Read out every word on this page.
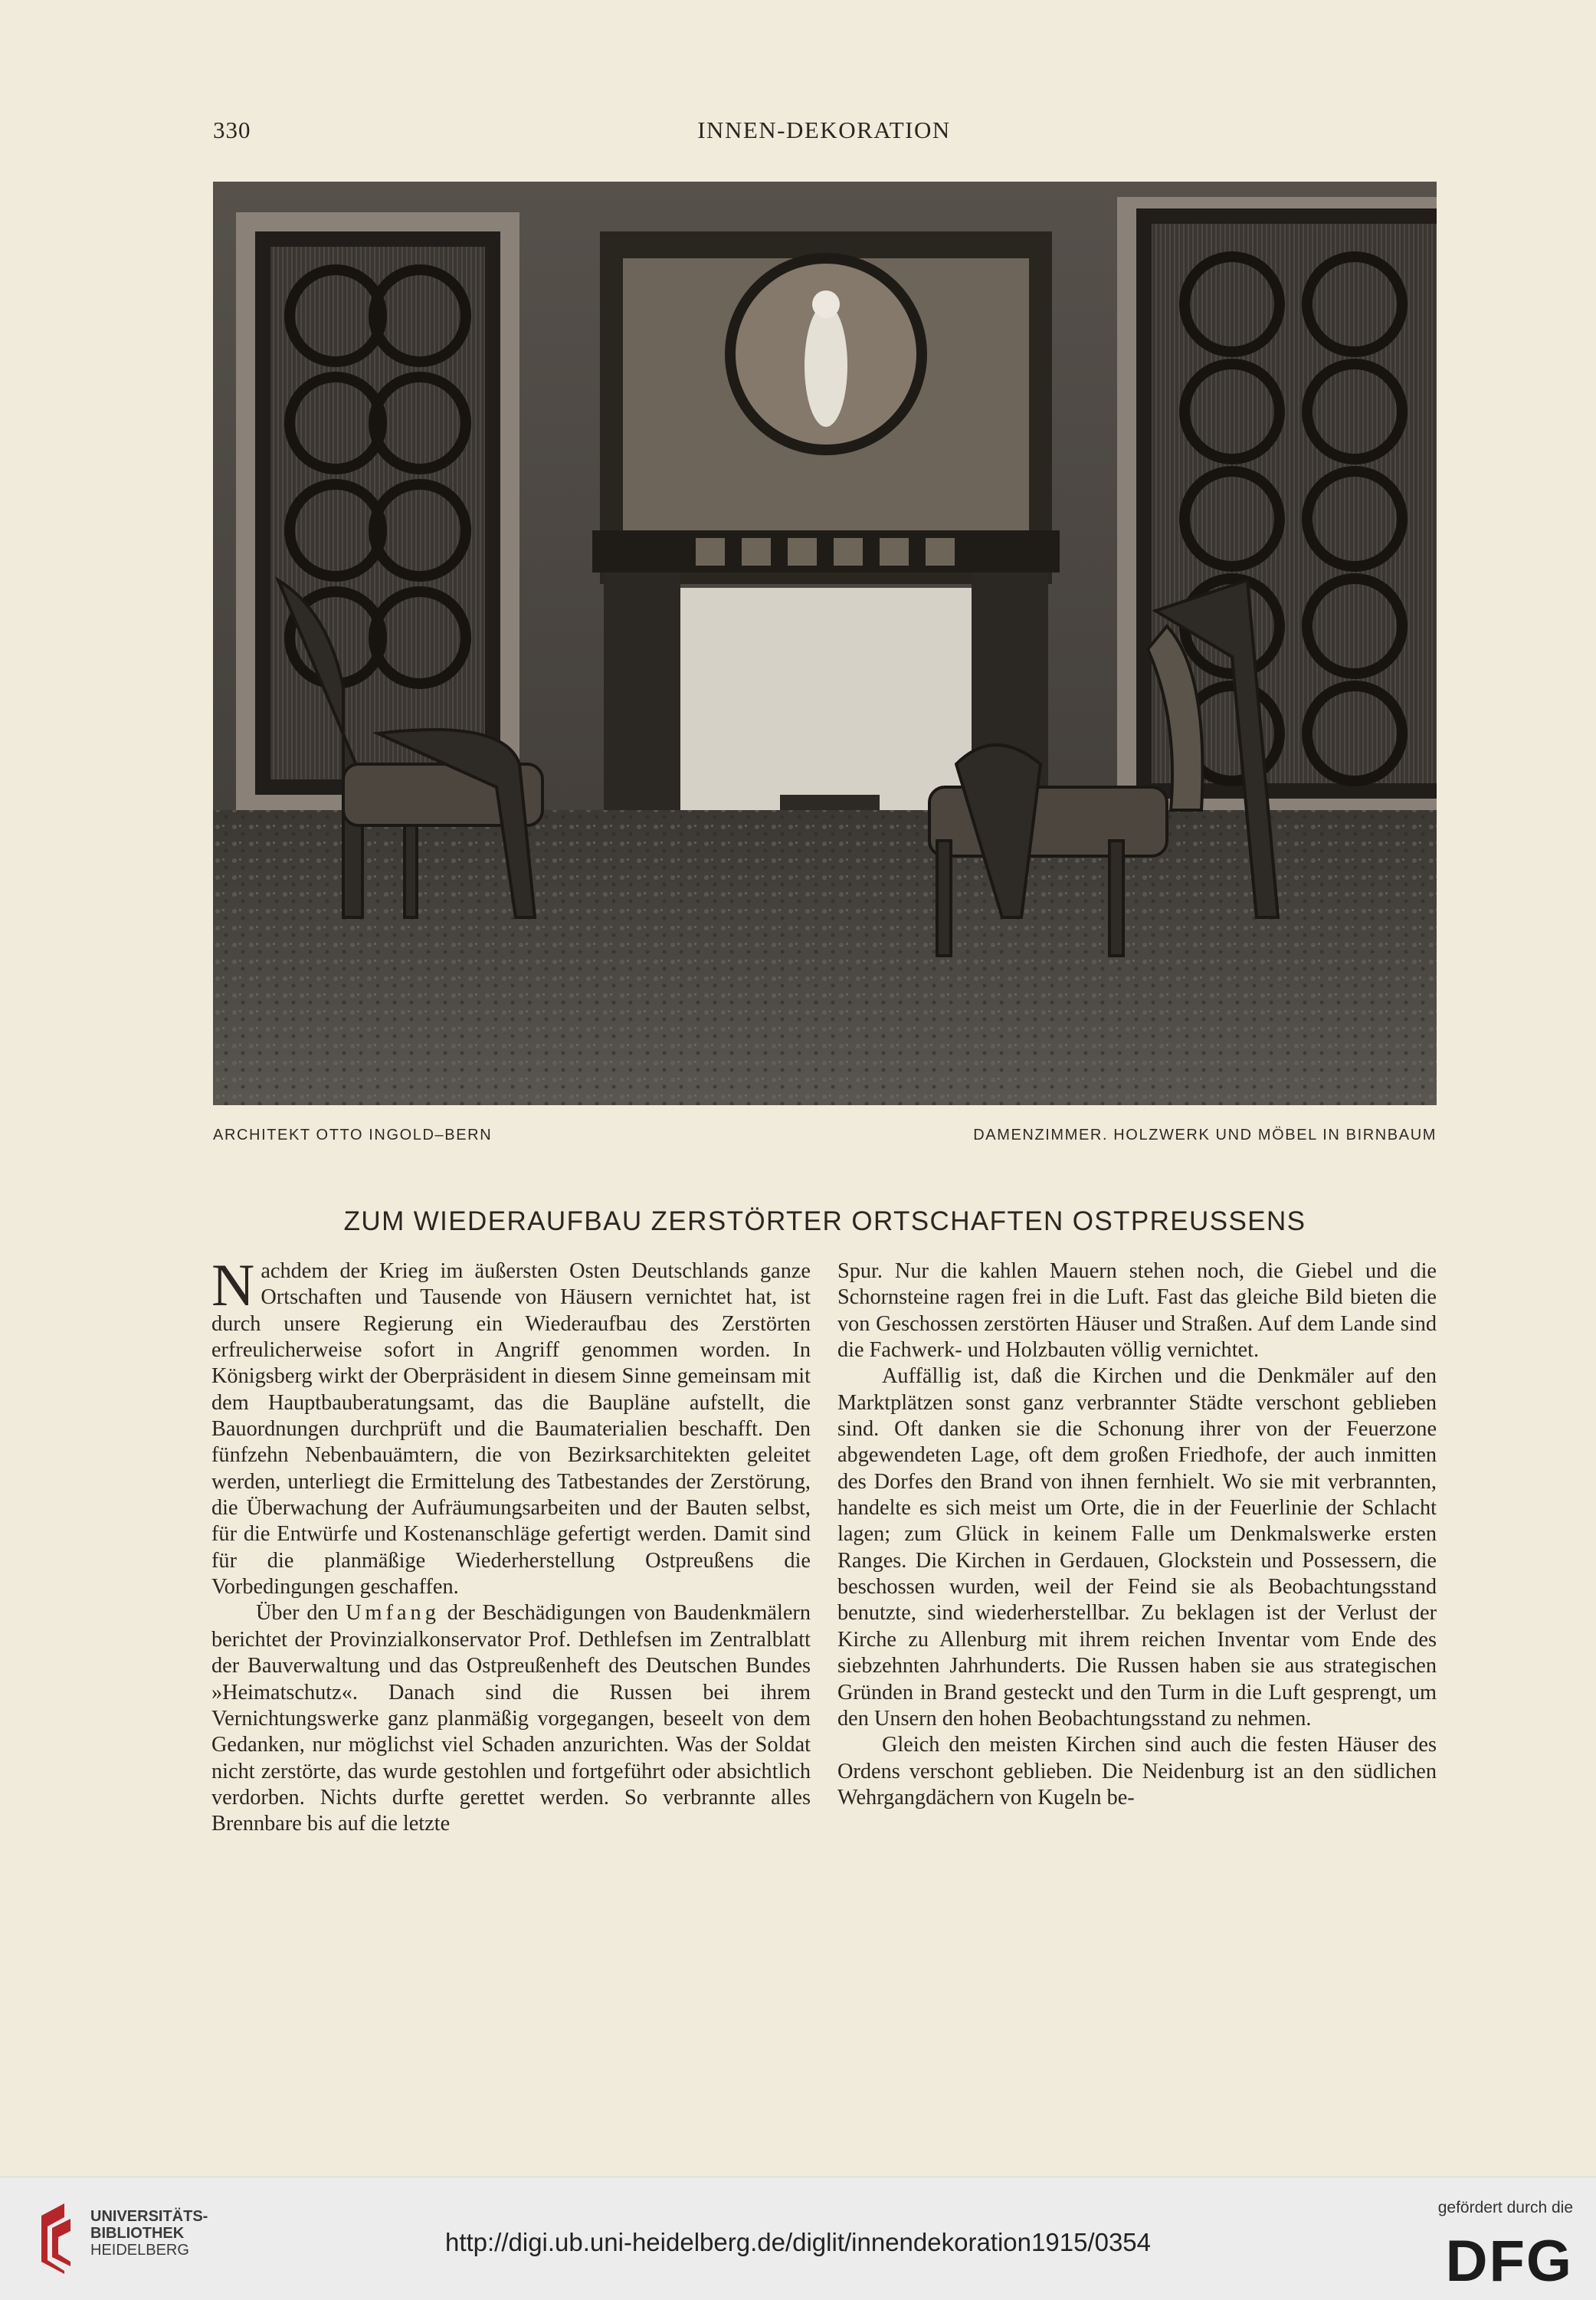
330	INNEN-DEKORATION
ARCHITEKT OTTO INGOLD–BERN	DAMENZIMMER. HOLZWERK UND MÖBEL IN BIRNBAUM
ZUM WIEDERAUFBAU ZERSTÖRTER ORTSCHAFTEN OSTPREUSSENS

Nachdem der Krieg im äußersten Osten Deutschlands ganze Ortschaften und Tausende von Häusern vernichtet hat, ist durch unsere Regierung ein Wiederaufbau des Zerstörten erfreulicherweise sofort in Angriff genommen worden. In Königsberg wirkt der Oberpräsident in diesem Sinne gemeinsam mit dem Hauptbauberatungsamt, das die Baupläne aufstellt, die Bauordnungen durchprüft und die Baumaterialien beschafft. Den fünfzehn Nebenbauämtern, die von Bezirksarchitekten geleitet werden, unterliegt die Ermittelung des Tatbestandes der Zerstörung, die Überwachung der Aufräumungsarbeiten und der Bauten selbst, für die Entwürfe und Kostenanschläge gefertigt werden. Damit sind für die planmäßige Wiederherstellung Ostpreußens die Vorbedingungen geschaffen.

Über den Umfang der Beschädigungen von Baudenkmälern berichtet der Provinzialkonservator Prof. Dethlefsen im Zentralblatt der Bauverwaltung und das Ostpreußenheft des Deutschen Bundes »Heimatschutz«. Danach sind die Russen bei ihrem Vernichtungswerke ganz planmäßig vorgegangen, beseelt von dem Gedanken, nur möglichst viel Schaden anzurichten. Was der Soldat nicht zerstörte, das wurde gestohlen und fortgeführt oder absichtlich verdorben. Nichts durfte gerettet werden. So verbrannte alles Brennbare bis auf die letzte

Spur. Nur die kahlen Mauern stehen noch, die Giebel und die Schornsteine ragen frei in die Luft. Fast das gleiche Bild bieten die von Geschossen zerstörten Häuser und Straßen. Auf dem Lande sind die Fachwerk- und Holzbauten völlig vernichtet.

Auffällig ist, daß die Kirchen und die Denkmäler auf den Marktplätzen sonst ganz verbrannter Städte verschont geblieben sind. Oft danken sie die Schonung ihrer von der Feuerzone abgewendeten Lage, oft dem großen Friedhofe, der auch inmitten des Dorfes den Brand von ihnen fernhielt. Wo sie mit verbrannten, handelte es sich meist um Orte, die in der Feuerlinie der Schlacht lagen; zum Glück in keinem Falle um Denkmalswerke ersten Ranges. Die Kirchen in Gerdauen, Glockstein und Possessern, die beschossen wurden, weil der Feind sie als Beobachtungsstand benutzte, sind wiederherstellbar. Zu beklagen ist der Verlust der Kirche zu Allenburg mit ihrem reichen Inventar vom Ende des siebzehnten Jahrhunderts. Die Russen haben sie aus strategischen Gründen in Brand gesteckt und den Turm in die Luft gesprengt, um den Unsern den hohen Beobachtungsstand zu nehmen.

Gleich den meisten Kirchen sind auch die festen Häuser des Ordens verschont geblieben. Die Neidenburg ist an den südlichen Wehrgangdächern von Kugeln be-

UNIVERSITÄTS-
BIBLIOTHEK
HEIDELBERG	http://digi.ub.uni-heidelberg.de/diglit/innendekoration1915/0354
gefördert durch die
DFG
